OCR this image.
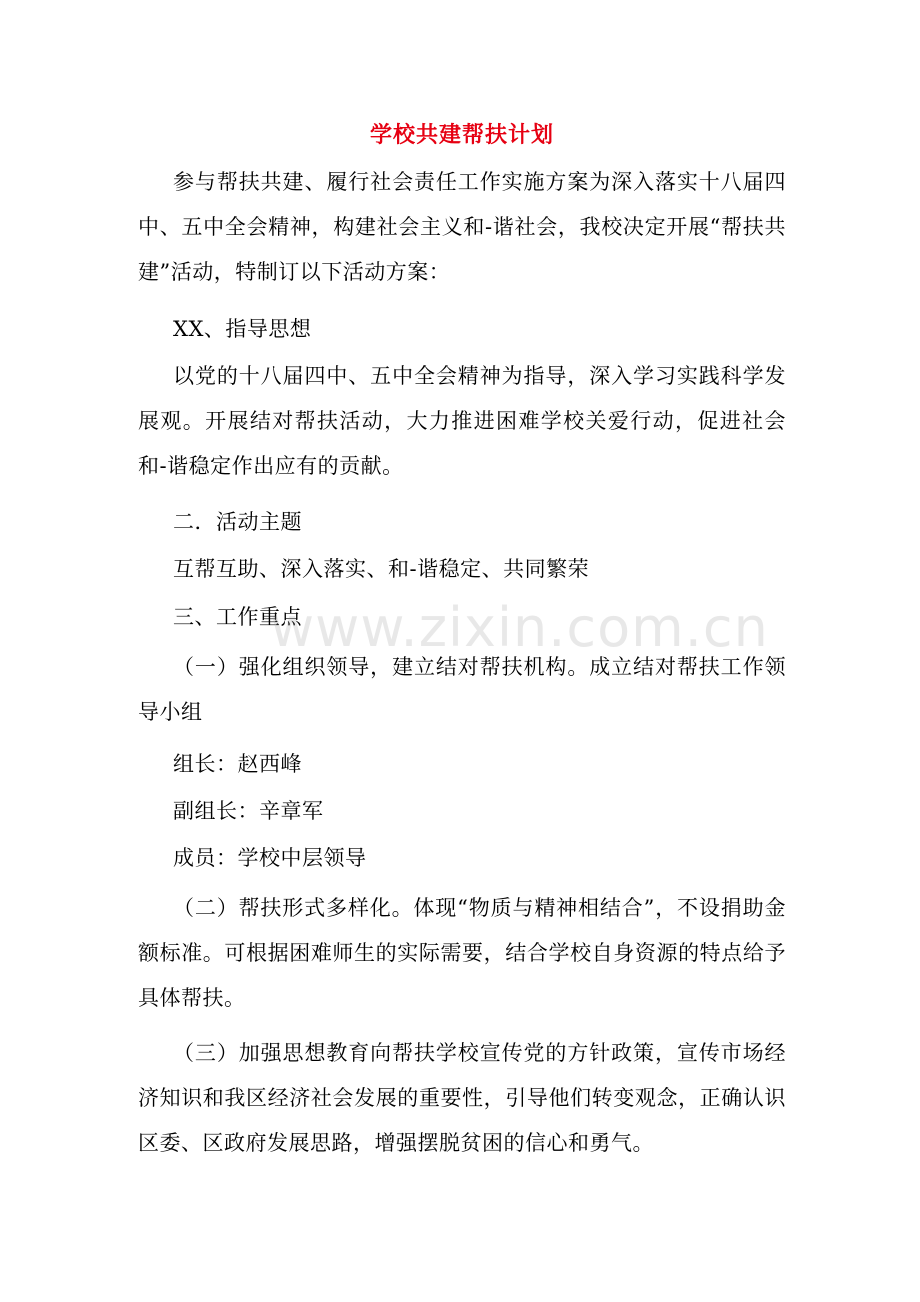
学校共建帮扶计划

参与帮扶共建、履行社会责任工作实施方案为深入落实十八届四中、五中全会精神，构建社会主义和-谐社会，我校决定开展“帮扶共建”活动，特制订以下活动方案：

XX、指导思想

以党的十八届四中、五中全会精神为指导，深入学习实践科学发展观。开展结对帮扶活动，大力推进困难学校关爱行动，促进社会和-谐稳定作出应有的贡献。

二．活动主题

互帮互助、深入落实、和-谐稳定、共同繁荣

三、工作重点

（一）强化组织领导，建立结对帮扶机构。成立结对帮扶工作领导小组

组长：赵西峰

副组长：辛章军

成员：学校中层领导

（二）帮扶形式多样化。体现“物质与精神相结合”，不设捐助金额标准。可根据困难师生的实际需要，结合学校自身资源的特点给予具体帮扶。

（三）加强思想教育向帮扶学校宣传党的方针政策，宣传市场经济知识和我区经济社会发展的重要性，引导他们转变观念，正确认识区委、区政府发展思路，增强摆脱贫困的信心和勇气。

www.zixin.com.cn
